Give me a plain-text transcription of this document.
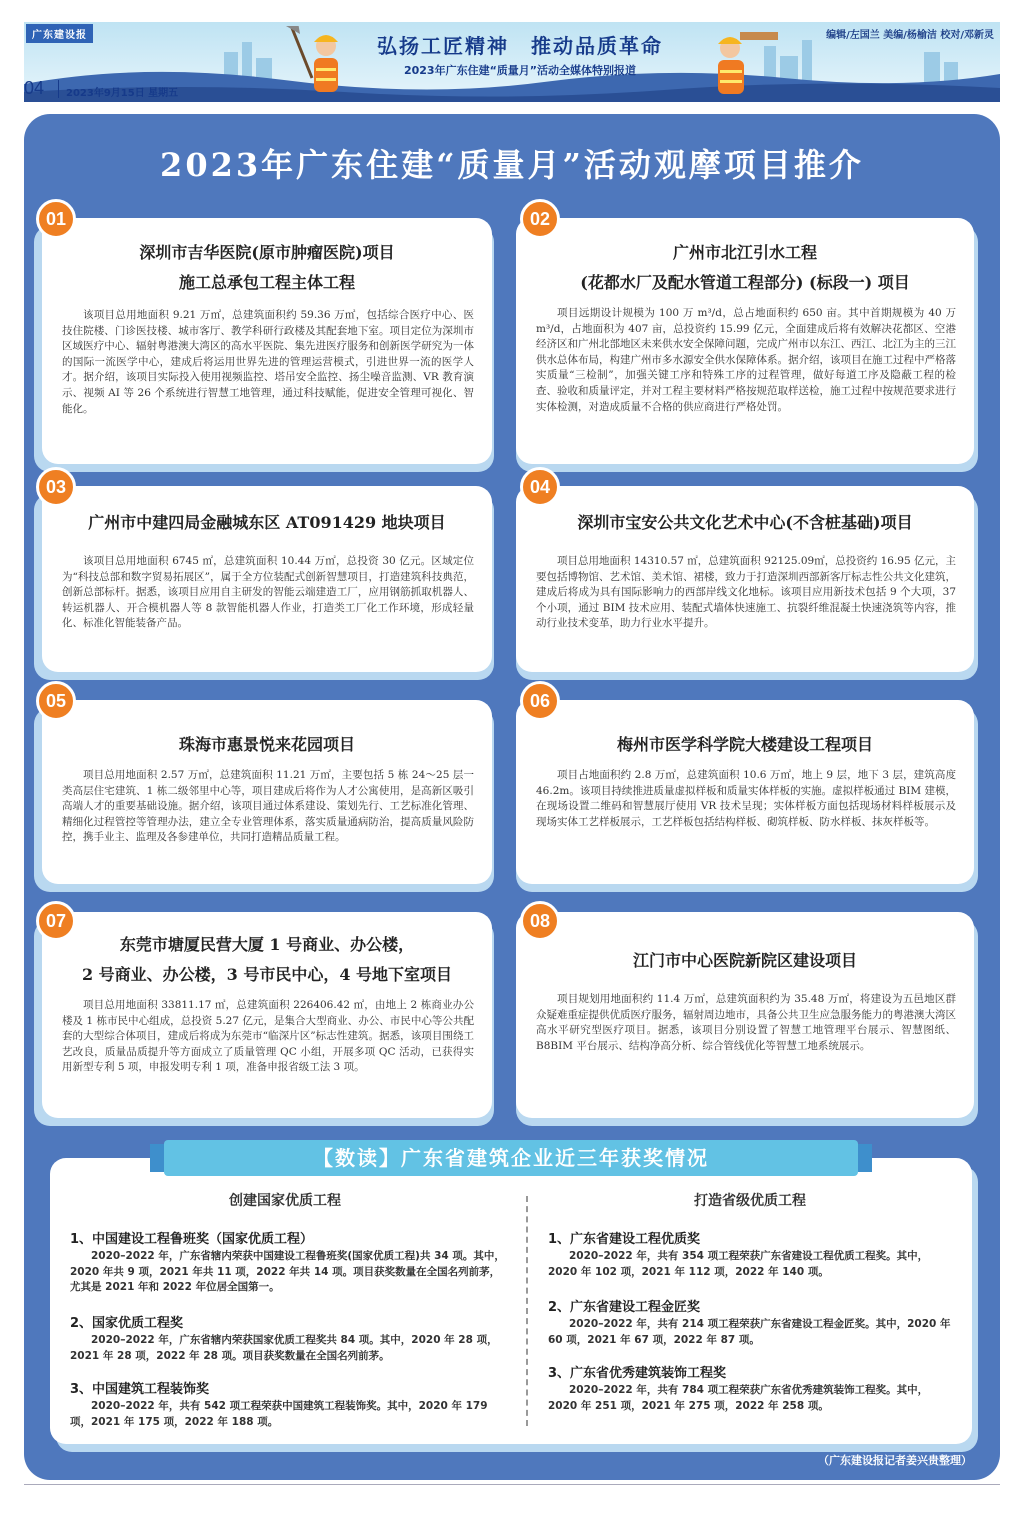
弘扬工匠精神　推动品质革命
2023年广东住建“质量月”活动全媒体特别报道
广东建设报	编辑/左国兰 美编/杨榆洁 校对/邓新灵
04 2023年9月15日 星期五
2023年广东住建“质量月”活动观摩项目推介
深圳市吉华医院(原市肿瘤医院)项目
施工总承包工程主体工程
该项目总用地面积 9.21 万㎡，总建筑面积约 59.36 万㎡，包括综合医疗中心、医技住院楼、门诊医技楼、城市客厅、教学科研行政楼及其配套地下室。项目定位为深圳市区域医疗中心、辐射粤港澳大湾区的高水平医院、集先进医疗服务和创新医学研究为一体的国际一流医学中心，建成后将运用世界先进的管理运营模式，引进世界一流的医学人才。据介绍，该项目实际投入使用视频监控、塔吊安全监控、扬尘噪音监测、VR 教育演示、视频 AI 等 26 个系统进行智慧工地管理，通过科技赋能，促进安全管理可视化、智能化。
01
广州市北江引水工程
(花都水厂及配水管道工程部分) (标段一) 项目
项目远期设计规模为 100 万 m³/d，总占地面积约 650 亩。其中首期规模为 40 万 m³/d，占地面积为 407 亩，总投资约 15.99 亿元，全面建成后将有效解决花都区、空港经济区和广州北部地区未来供水安全保障问题，完成广州市以东江、西江、北江为主的三江供水总体布局，构建广州市多水源安全供水保障体系。据介绍，该项目在施工过程中严格落实质量“三检制”，加强关键工序和特殊工序的过程管理，做好每道工序及隐蔽工程的检查、验收和质量评定，并对工程主要材料严格按规范取样送检，施工过程中按规范要求进行实体检测，对造成质量不合格的供应商进行严格处罚。
02
广州市中建四局金融城东区 AT091429 地块项目
该项目总用地面积 6745 ㎡，总建筑面积 10.44 万㎡，总投资 30 亿元。区域定位为“科技总部和数字贸易拓展区”，属于全方位装配式创新智慧项目，打造建筑科技典范，创新总部标杆。据悉，该项目应用自主研发的智能云端建造工厂，应用钢筋抓取机器人、转运机器人、开合模机器人等 8 款智能机器人作业，打造类工厂化工作环境，形成轻量化、标准化智能装备产品。
03
深圳市宝安公共文化艺术中心(不含桩基础)项目
项目总用地面积 14310.57 ㎡，总建筑面积 92125.09㎡，总投资约 16.95 亿元，主要包括博物馆、艺术馆、美术馆、裙楼，致力于打造深圳西部新客厅标志性公共文化建筑，建成后将成为具有国际影响力的西部岸线文化地标。该项目应用新技术包括 9 个大项，37 个小项，通过 BIM 技术应用、装配式墙体快速施工、抗裂纤维混凝土快速浇筑等内容，推动行业技术变革，助力行业水平提升。
04
珠海市惠景悦来花园项目
项目总用地面积 2.57 万㎡，总建筑面积 11.21 万㎡，主要包括 5 栋 24～25 层一类高层住宅建筑、1 栋二级邻里中心等，项目建成后将作为人才公寓使用，是高新区吸引高端人才的重要基础设施。据介绍，该项目通过体系建设、策划先行、工艺标准化管理、精细化过程管控等管理办法，建立全专业管理体系，落实质量通病防治，提高质量风险防控，携手业主、监理及各参建单位，共同打造精品质量工程。
05
梅州市医学科学院大楼建设工程项目
项目占地面积约 2.8 万㎡，总建筑面积 10.6 万㎡，地上 9 层，地下 3 层，建筑高度 46.2m。该项目持续推进质量虚拟样板和质量实体样板的实施。虚拟样板通过 BIM 建模，在现场设置二维码和智慧展厅使用 VR 技术呈现；实体样板方面包括现场材料样板展示及现场实体工艺样板展示，工艺样板包括结构样板、砌筑样板、防水样板、抹灰样板等。
06
东莞市塘厦民营大厦 1 号商业、办公楼，
2 号商业、办公楼，3 号市民中心，4 号地下室项目
项目总用地面积 33811.17 ㎡，总建筑面积 226406.42 ㎡，由地上 2 栋商业办公楼及 1 栋市民中心组成，总投资 5.27 亿元，是集合大型商业、办公、市民中心等公共配套的大型综合体项目，建成后将成为东莞市“临深片区”标志性建筑。据悉，该项目围绕工艺改良，质量品质提升等方面成立了质量管理 QC 小组，开展多项 QC 活动，已获得实用新型专利 5 项，申报发明专利 1 项，准备申报省级工法 3 项。
07
江门市中心医院新院区建设项目
项目规划用地面积约 11.4 万㎡，总建筑面积约为 35.48 万㎡，将建设为五邑地区群众疑难重症提供优质医疗服务，辐射周边地市，具备公共卫生应急服务能力的粤港澳大湾区高水平研究型医疗项目。据悉，该项目分别设置了智慧工地管理平台展示、智慧图纸、B8BIM 平台展示、结构净高分析、综合管线优化等智慧工地系统展示。
08
【数读】广东省建筑企业近三年获奖情况
创建国家优质工程	打造省级优质工程
1、中国建设工程鲁班奖（国家优质工程）

2020–2022 年，广东省辖内荣获中国建设工程鲁班奖(国家优质工程)共 34 项。其中，2020 年共 9 项，2021 年共 11 项，2022 年共 14 项。项目获奖数量在全国名列前茅，尤其是 2021 年和 2022 年位居全国第一。

2、国家优质工程奖

2020–2022 年，广东省辖内荣获国家优质工程奖共 84 项。其中，2020 年 28 项，2021 年 28 项，2022 年 28 项。项目获奖数量在全国名列前茅。

3、中国建筑工程装饰奖

2020–2022 年，共有 542 项工程荣获中国建筑工程装饰奖。其中，2020 年 179 项，2021 年 175 项，2022 年 188 项。

1、广东省建设工程优质奖

2020–2022 年，共有 354 项工程荣获广东省建设工程优质工程奖。其中，2020 年 102 项，2021 年 112 项，2022 年 140 项。

2、广东省建设工程金匠奖

2020–2022 年，共有 214 项工程荣获广东省建设工程金匠奖。其中，2020 年 60 项，2021 年 67 项，2022 年 87 项。

3、广东省优秀建筑装饰工程奖

2020–2022 年，共有 784 项工程荣获广东省优秀建筑装饰工程奖。其中，2020 年 251 项，2021 年 275 项，2022 年 258 项。

（广东建设报记者姜兴贵整理）
